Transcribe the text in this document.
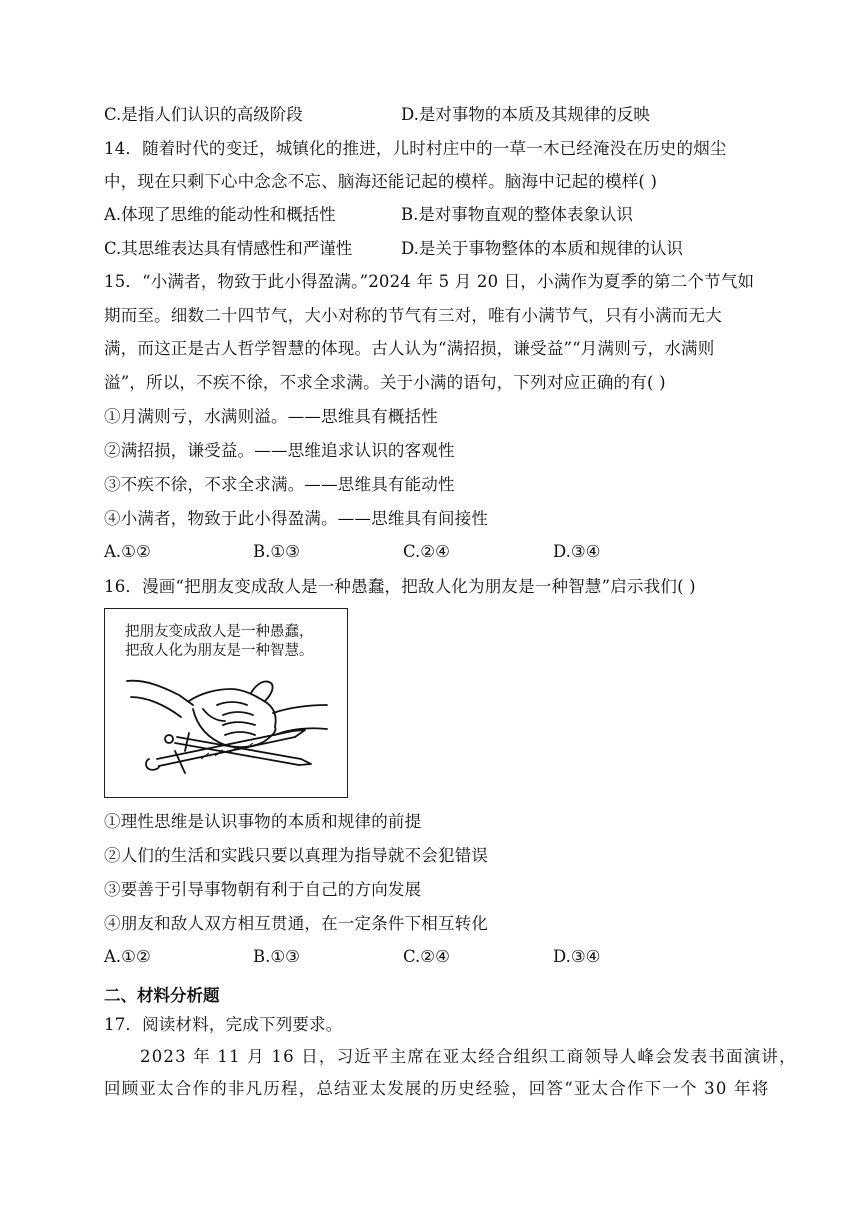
C.是指人们认识的高级阶段	D.是对事物的本质及其规律的反映
14．随着时代的变迁，城镇化的推进，儿时村庄中的一草一木已经淹没在历史的烟尘
中，现在只剩下心中念念不忘、脑海还能记起的模样。脑海中记起的模样( )
A.体现了思维的能动性和概括性	B.是对事物直观的整体表象认识
C.其思维表达具有情感性和严谨性	D.是关于事物整体的本质和规律的认识
15．“小满者，物致于此小得盈满。”2024 年 5 月 20 日，小满作为夏季的第二个节气如
期而至。细数二十四节气，大小对称的节气有三对，唯有小满节气，只有小满而无大
满，而这正是古人哲学智慧的体现。古人认为“满招损，谦受益”“月满则亏，水满则
溢”，所以，不疾不徐，不求全求满。关于小满的语句，下列对应正确的有( )
①月满则亏，水满则溢。——思维具有概括性
②满招损，谦受益。——思维追求认识的客观性
③不疾不徐，不求全求满。——思维具有能动性
④小满者，物致于此小得盈满。——思维具有间接性
A.①②	B.①③	C.②④	D.③④
16．漫画“把朋友变成敌人是一种愚蠢，把敌人化为朋友是一种智慧”启示我们( )
把朋友变成敌人是一种愚蠢，
把敌人化为朋友是一种智慧。
①理性思维是认识事物的本质和规律的前提
②人们的生活和实践只要以真理为指导就不会犯错误
③要善于引导事物朝有利于自己的方向发展
④朋友和敌人双方相互贯通，在一定条件下相互转化
A.①②	B.①③	C.②④	D.③④
二、材料分析题
17．阅读材料，完成下列要求。
2023 年 11 月 16 日，习近平主席在亚太经合组织工商领导人峰会发表书面演讲，
回顾亚太合作的非凡历程，总结亚太发展的历史经验，回答“亚太合作下一个 30 年将
